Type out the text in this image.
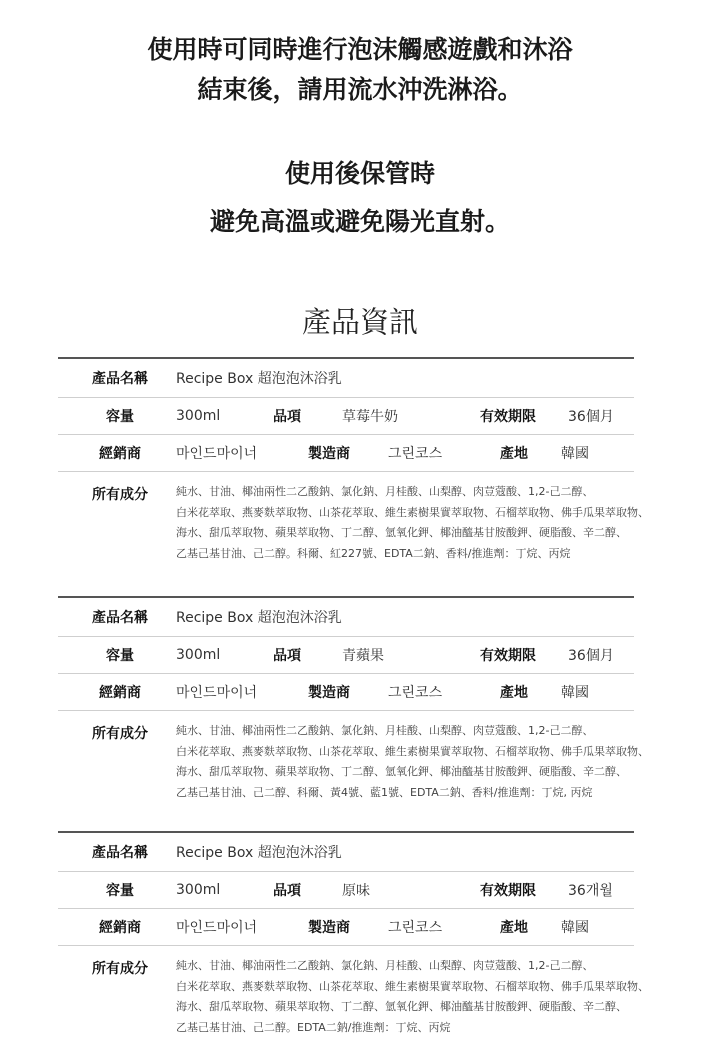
使用時可同時進行泡沫觸感遊戲和沐浴
結束後，請用流水沖洗淋浴。
使用後保管時
避免高溫或避免陽光直射。
產品資訊
產品名稱	Recipe Box 超泡泡沐浴乳
容量	300ml	品項	草莓牛奶	有效期限 36個月
經銷商	마인드마이너	製造商	그린코스	產地 韓國
所有成分	純水、甘油、椰油兩性二乙酸鈉、氯化鈉、月桂酸、山梨醇、肉荳蔻酸、1,2-己二醇、
白米花萃取、燕麥麩萃取物、山茶花萃取、維生素樹果實萃取物、石榴萃取物、佛手瓜果萃取物、
海水、甜瓜萃取物、蘋果萃取物、丁二醇、氫氧化鉀、椰油醯基甘胺酸鉀、硬脂酸、辛二醇、
乙基己基甘油、己二醇。科爾、紅227號、EDTA二鈉、香料/推進劑：丁烷、丙烷
產品名稱	Recipe Box 超泡泡沐浴乳
容量	300ml	品項	青蘋果	有效期限 36個月
經銷商	마인드마이너	製造商	그린코스	產地 韓國
所有成分	純水、甘油、椰油兩性二乙酸鈉、氯化鈉、月桂酸、山梨醇、肉荳蔻酸、1,2-己二醇、
白米花萃取、燕麥麩萃取物、山茶花萃取、維生素樹果實萃取物、石榴萃取物、佛手瓜果萃取物、
海水、甜瓜萃取物、蘋果萃取物、丁二醇、氫氧化鉀、椰油醯基甘胺酸鉀、硬脂酸、辛二醇、
乙基己基甘油、己二醇、科爾、黃4號、藍1號、EDTA二鈉、香料/推進劑：丁烷, 丙烷
產品名稱	Recipe Box 超泡泡沐浴乳
容量	300ml	品項	原味	有效期限 36개월
經銷商	마인드마이너	製造商	그린코스	產地 韓國
所有成分	純水、甘油、椰油兩性二乙酸鈉、氯化鈉、月桂酸、山梨醇、肉荳蔻酸、1,2-己二醇、
白米花萃取、燕麥麩萃取物、山茶花萃取、維生素樹果實萃取物、石榴萃取物、佛手瓜果萃取物、
海水、甜瓜萃取物、蘋果萃取物、丁二醇、氫氧化鉀、椰油醯基甘胺酸鉀、硬脂酸、辛二醇、
乙基己基甘油、己二醇。EDTA二鈉/推進劑：丁烷、丙烷
